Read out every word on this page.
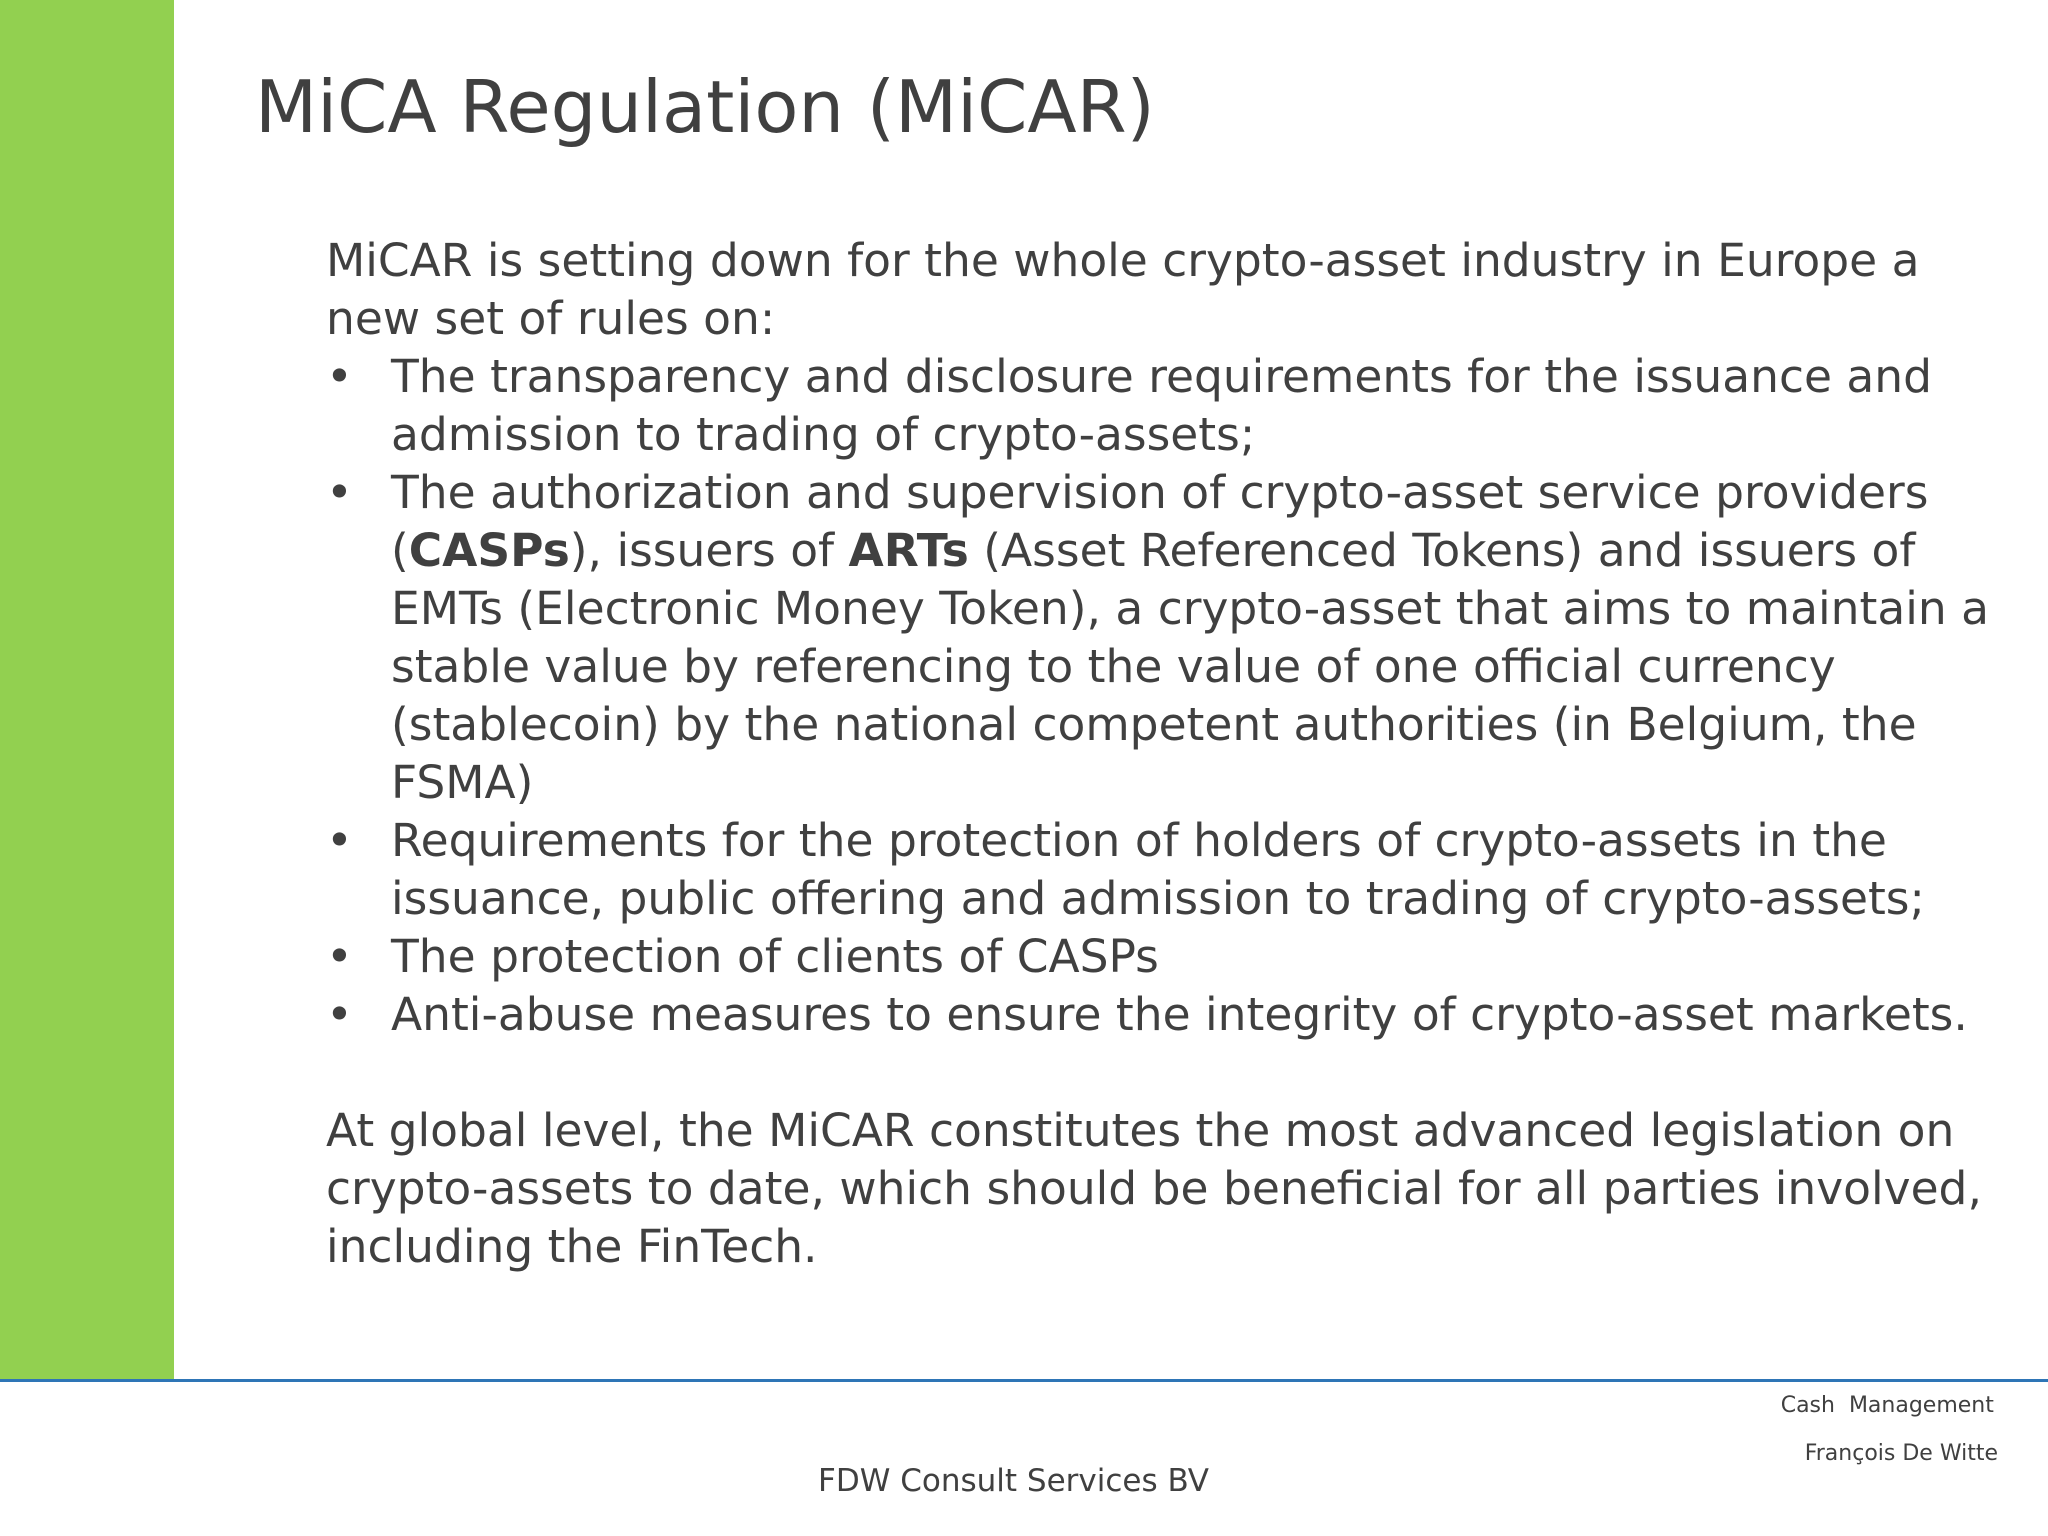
MiCA Regulation (MiCAR)

MiCAR is setting down for the whole crypto-asset industry in Europe a new set of rules on:

• The transparency and disclosure requirements for the issuance and admission to trading of crypto-assets;
• The authorization and supervision of crypto-asset service providers (CASPs), issuers of ARTs (Asset Referenced Tokens) and issuers of EMTs (Electronic Money Token), a crypto-asset that aims to maintain a stable value by referencing to the value of one official currency (stablecoin) by the national competent authorities (in Belgium, the FSMA)
• Requirements for the protection of holders of crypto-assets in the issuance, public offering and admission to trading of crypto-assets;
• The protection of clients of CASPs
• Anti-abuse measures to ensure the integrity of crypto-asset markets.

At global level, the MiCAR constitutes the most advanced legislation on crypto-assets to date, which should be beneficial for all parties involved, including the FinTech.

Cash  Management
François De Witte
FDW Consult Services BV
